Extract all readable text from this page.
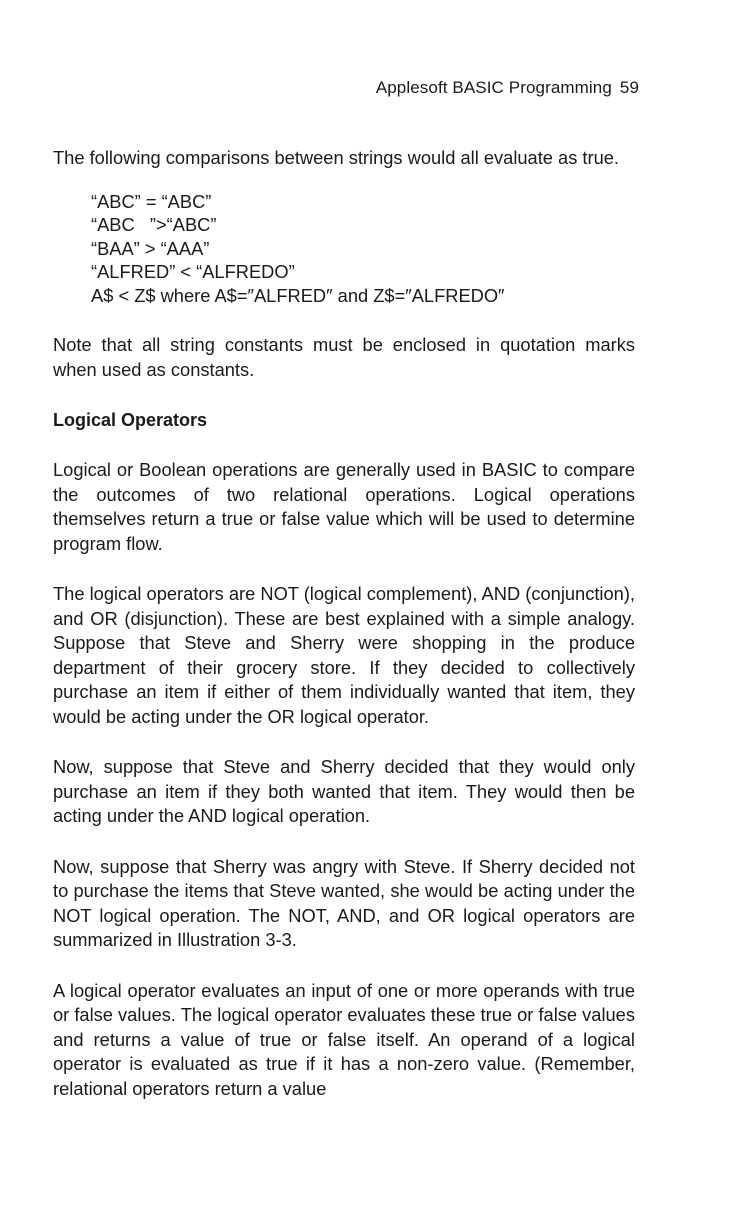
Applesoft BASIC Programming 59

The following comparisons between strings would all evaluate as true.

“ABC” = “ABC”
“ABC   ”>“ABC”
“BAA” > “AAA”
“ALFRED” < “ALFREDO”
A$ < Z$ where A$=″ALFRED″ and Z$=″ALFREDO″

Note that all string constants must be enclosed in quotation marks when used as constants.

Logical Operators

Logical or Boolean operations are generally used in BASIC to compare the outcomes of two relational operations. Logical operations themselves return a true or false value which will be used to determine program flow.

The logical operators are NOT (logical complement), AND (conjunction), and OR (disjunction). These are best explained with a simple analogy. Suppose that Steve and Sherry were shopping in the produce department of their grocery store. If they decided to collectively purchase an item if either of them individually wanted that item, they would be acting under the OR logical operator.

Now, suppose that Steve and Sherry decided that they would only purchase an item if they both wanted that item. They would then be acting under the AND logical operation.

Now, suppose that Sherry was angry with Steve. If Sherry decided not to purchase the items that Steve wanted, she would be acting under the NOT logical operation. The NOT, AND, and OR logical operators are summarized in Illustration 3-3.

A logical operator evaluates an input of one or more operands with true or false values. The logical operator evaluates these true or false values and returns a value of true or false itself. An operand of a logical operator is evaluated as true if it has a non-zero value. (Remember, relational operators return a value
